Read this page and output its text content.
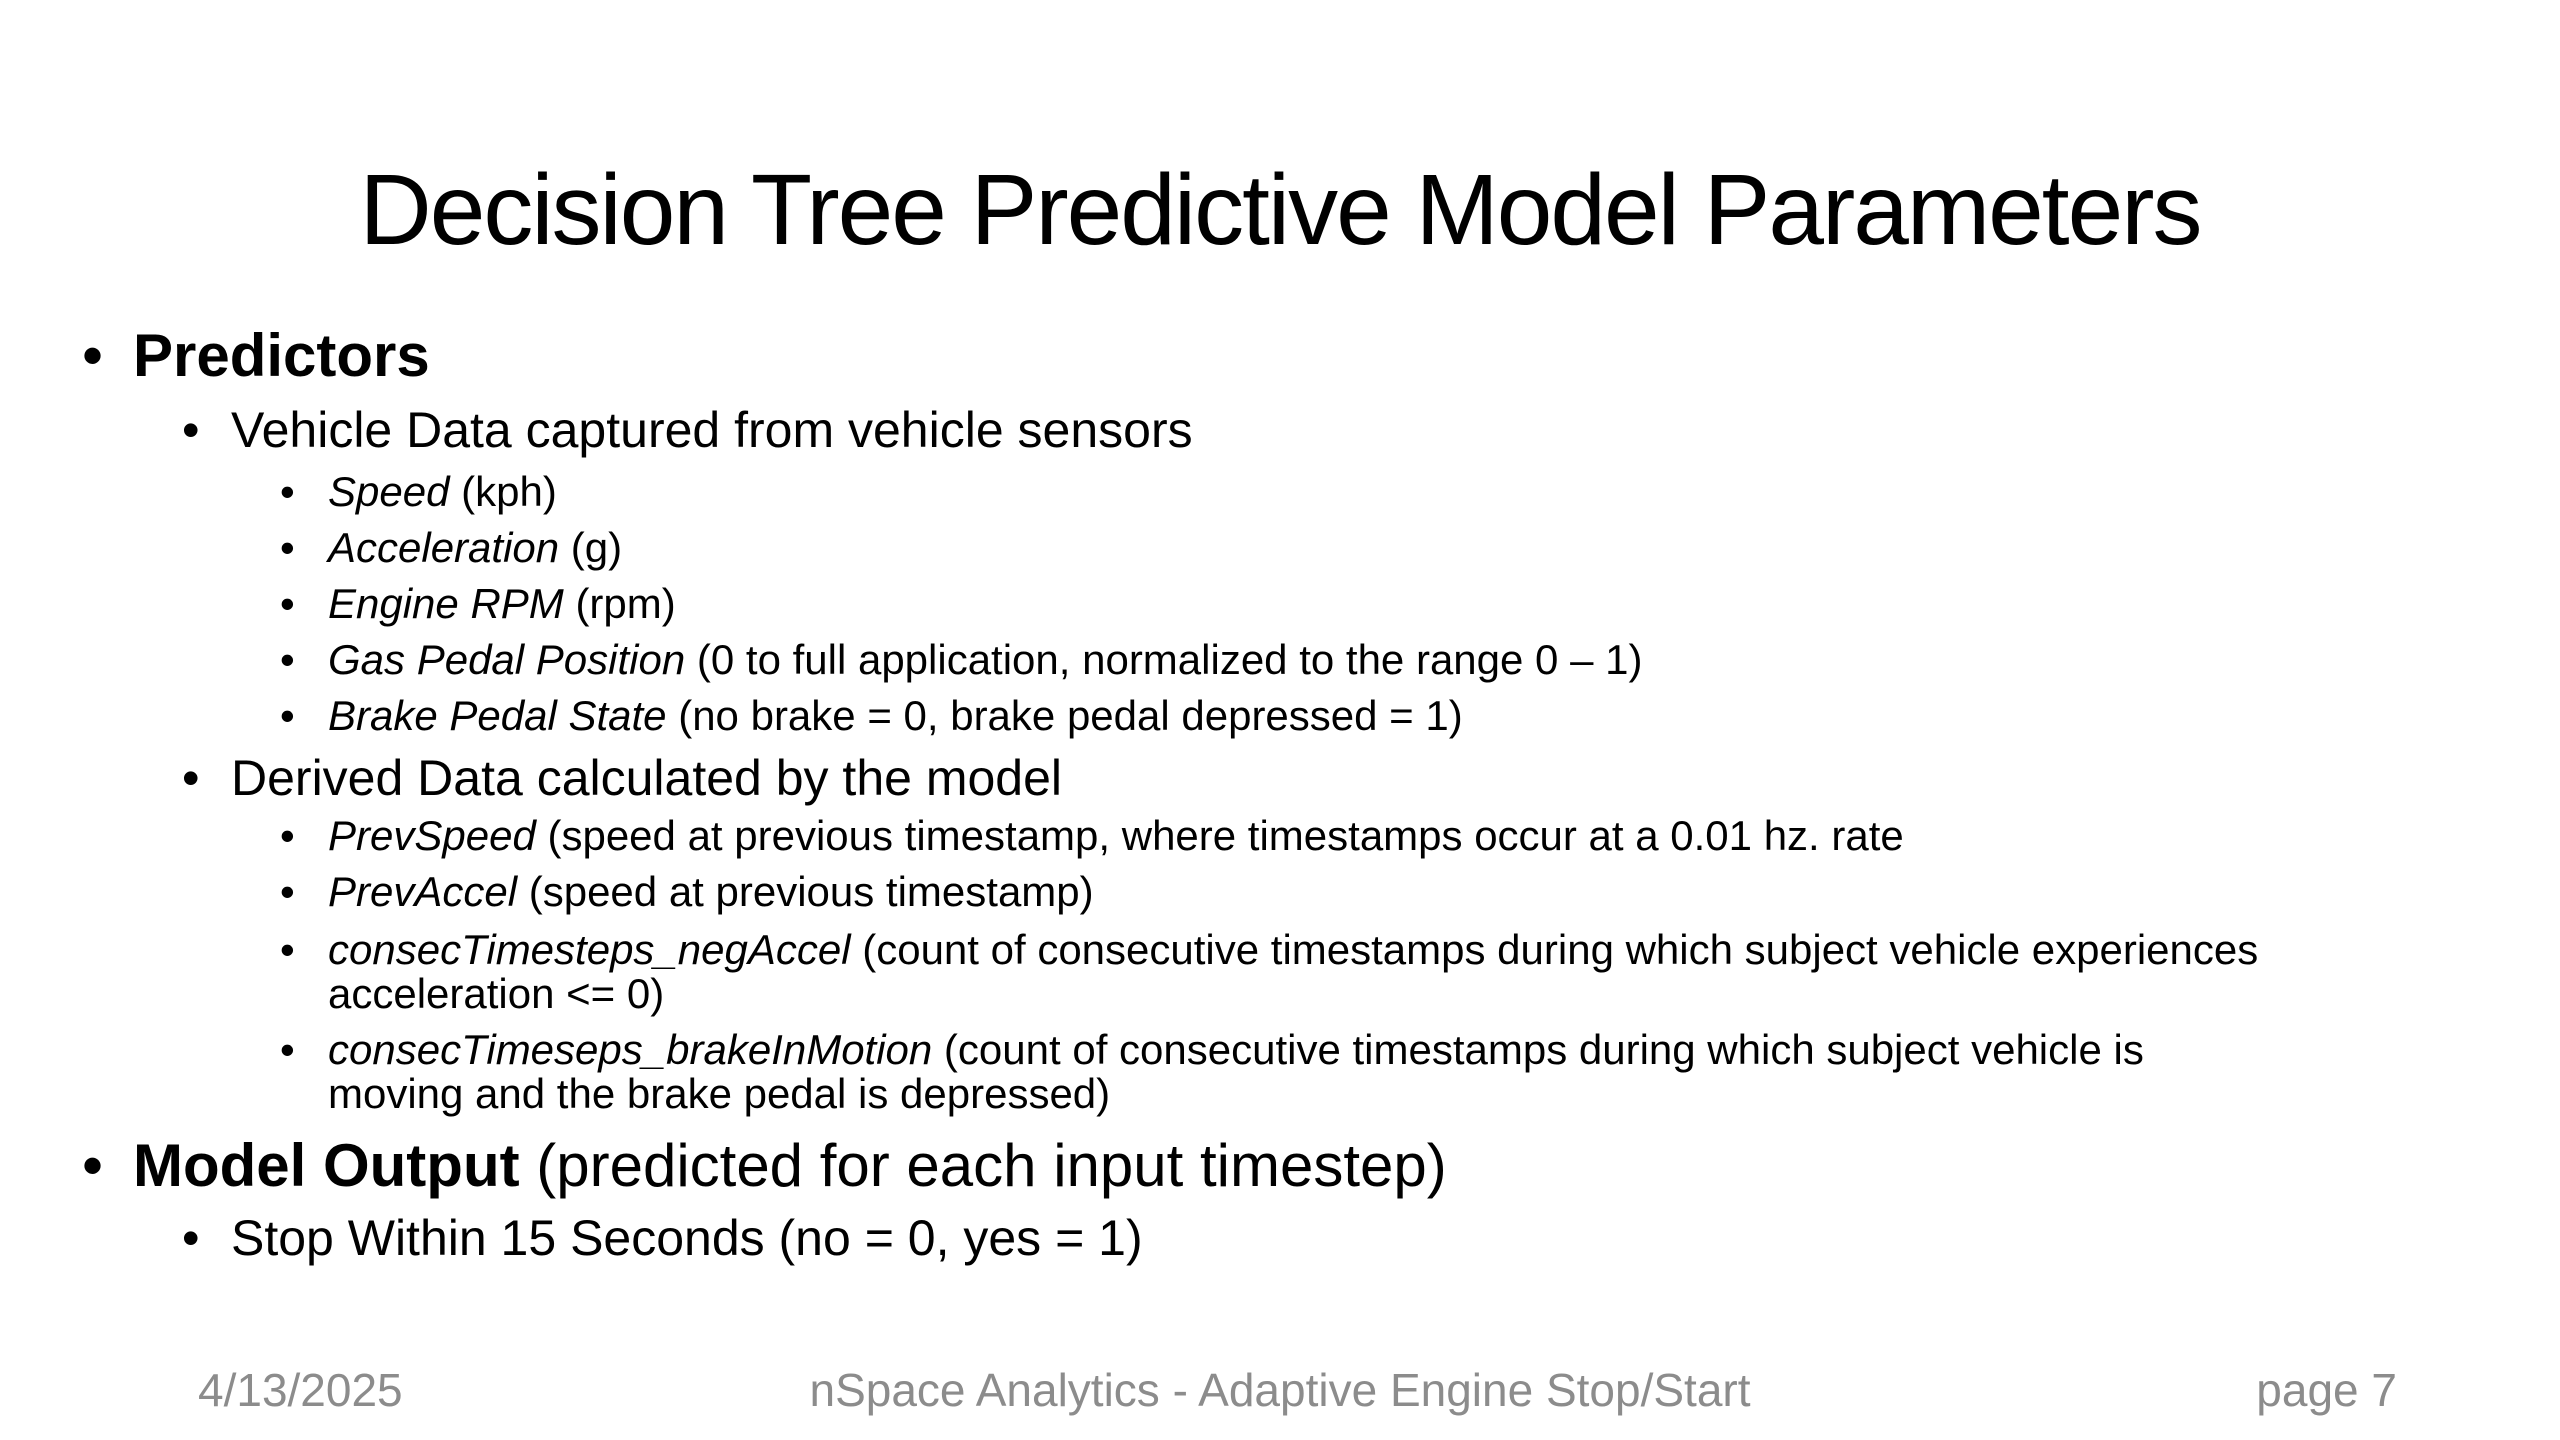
Decision Tree Predictive Model Parameters
• Predictors
• Vehicle Data captured from vehicle sensors
• Speed (kph)
• Acceleration (g)
• Engine RPM (rpm)
• Gas Pedal Position (0 to full application, normalized to the range 0 – 1)
• Brake Pedal State (no brake = 0, brake pedal depressed = 1)
• Derived Data calculated by the model
• PrevSpeed (speed at previous timestamp, where timestamps occur at a 0.01 hz. rate
• PrevAccel (speed at previous timestamp)
• consecTimesteps_negAccel (count of consecutive timestamps during which subject vehicle experiences
acceleration <= 0)
• consecTimeseps_brakeInMotion (count of consecutive timestamps during which subject vehicle is
moving and the brake pedal is depressed)
• Model Output (predicted for each input timestep)
• Stop Within 15 Seconds (no = 0, yes = 1)
4/13/2025	nSpace Analytics - Adaptive Engine Stop/Start	page 7
